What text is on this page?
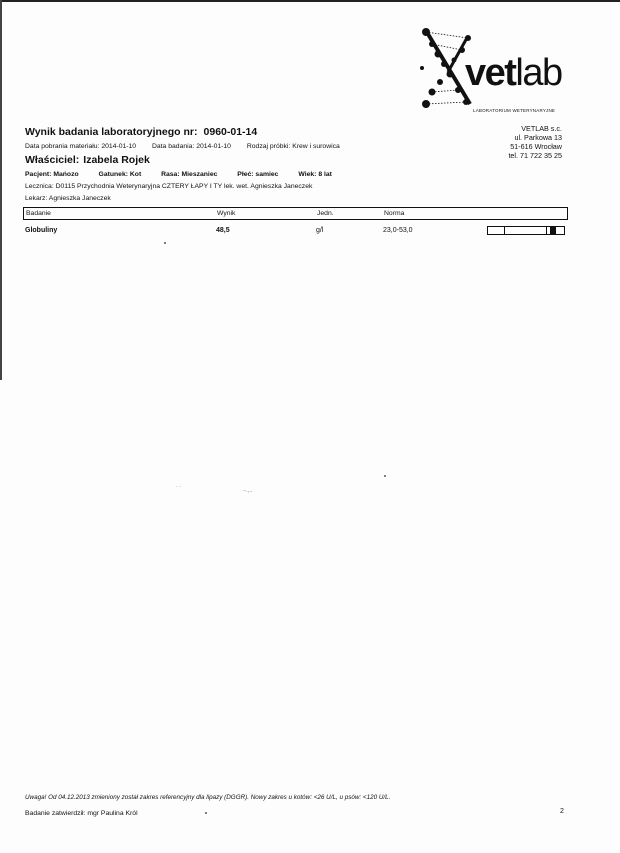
vetlab
LABORATORIUM WETERYNARYJNE
VETLAB s.c.
ul. Parkowa 13
51-616 Wrocław
tel. 71 722 35 25
Wynik badania laboratoryjnego nr: 0960-01-14
Data pobrania materiału: 2014-01-10 Data badania: 2014-01-10 Rodzaj próbki: Krew i surowica
Właściciel: Izabela Rojek
Pacjent: Mańozo	Gatunek: Kot	Rasa: Mieszaniec	Płeć: samiec	Wiek: 8 lat
Lecznica: D0115 Przychodnia Weterynaryjna CZTERY ŁAPY I TY lek. wet. Agnieszka Janeczek
Lekarz: Agnieszka Janeczek
Badanie	Wynik	Jedn.	Norma
Globuliny	48,5	g/l	23,0-53,0
· ·
·-.,..
Uwaga! Od 04.12.2013 zmieniony został zakres referencyjny dla lipazy (DGGR). Nowy zakres u kotów: <26 U/L, u psów: <120 U/L.
Badanie zatwierdził: mgr Paulina Król	2
